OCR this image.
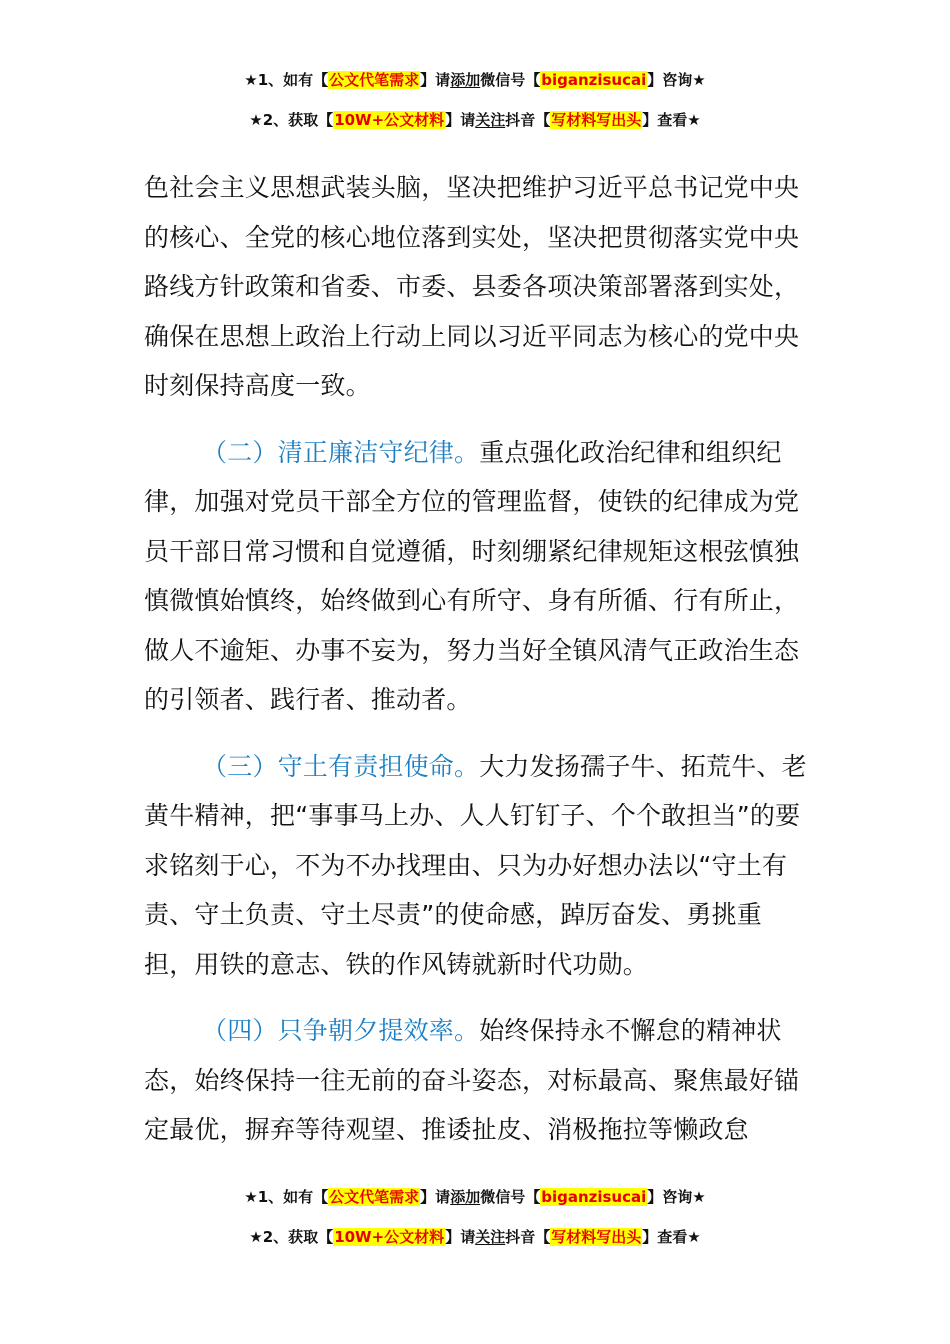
★1、如有【公文代笔需求】请添加微信号【biganzisucai】咨询★
★2、获取【10W+公文材料】请关注抖音【写材料写出头】查看★

色社会主义思想武装头脑，坚决把维护习近平总书记党中央的核心、全党的核心地位落到实处，坚决把贯彻落实党中央路线方针政策和省委、市委、县委各项决策部署落到实处，确保在思想上政治上行动上同以习近平同志为核心的党中央时刻保持高度一致。

（二）清正廉洁守纪律。重点强化政治纪律和组织纪律，加强对党员干部全方位的管理监督，使铁的纪律成为党员干部日常习惯和自觉遵循，时刻绷紧纪律规矩这根弦慎独慎微慎始慎终，始终做到心有所守、身有所循、行有所止，做人不逾矩、办事不妄为，努力当好全镇风清气正政治生态的引领者、践行者、推动者。

（三）守土有责担使命。大力发扬孺子牛、拓荒牛、老黄牛精神，把“事事马上办、人人钉钉子、个个敢担当”的要求铭刻于心，不为不办找理由、只为办好想办法以“守土有责、守土负责、守土尽责”的使命感，踔厉奋发、勇挑重担，用铁的意志、铁的作风铸就新时代功勋。

（四）只争朝夕提效率。始终保持永不懈怠的精神状态，始终保持一往无前的奋斗姿态，对标最高、聚焦最好锚定最优，摒弃等待观望、推诿扯皮、消极拖拉等懒政怠

★1、如有【公文代笔需求】请添加微信号【biganzisucai】咨询★
★2、获取【10W+公文材料】请关注抖音【写材料写出头】查看★
